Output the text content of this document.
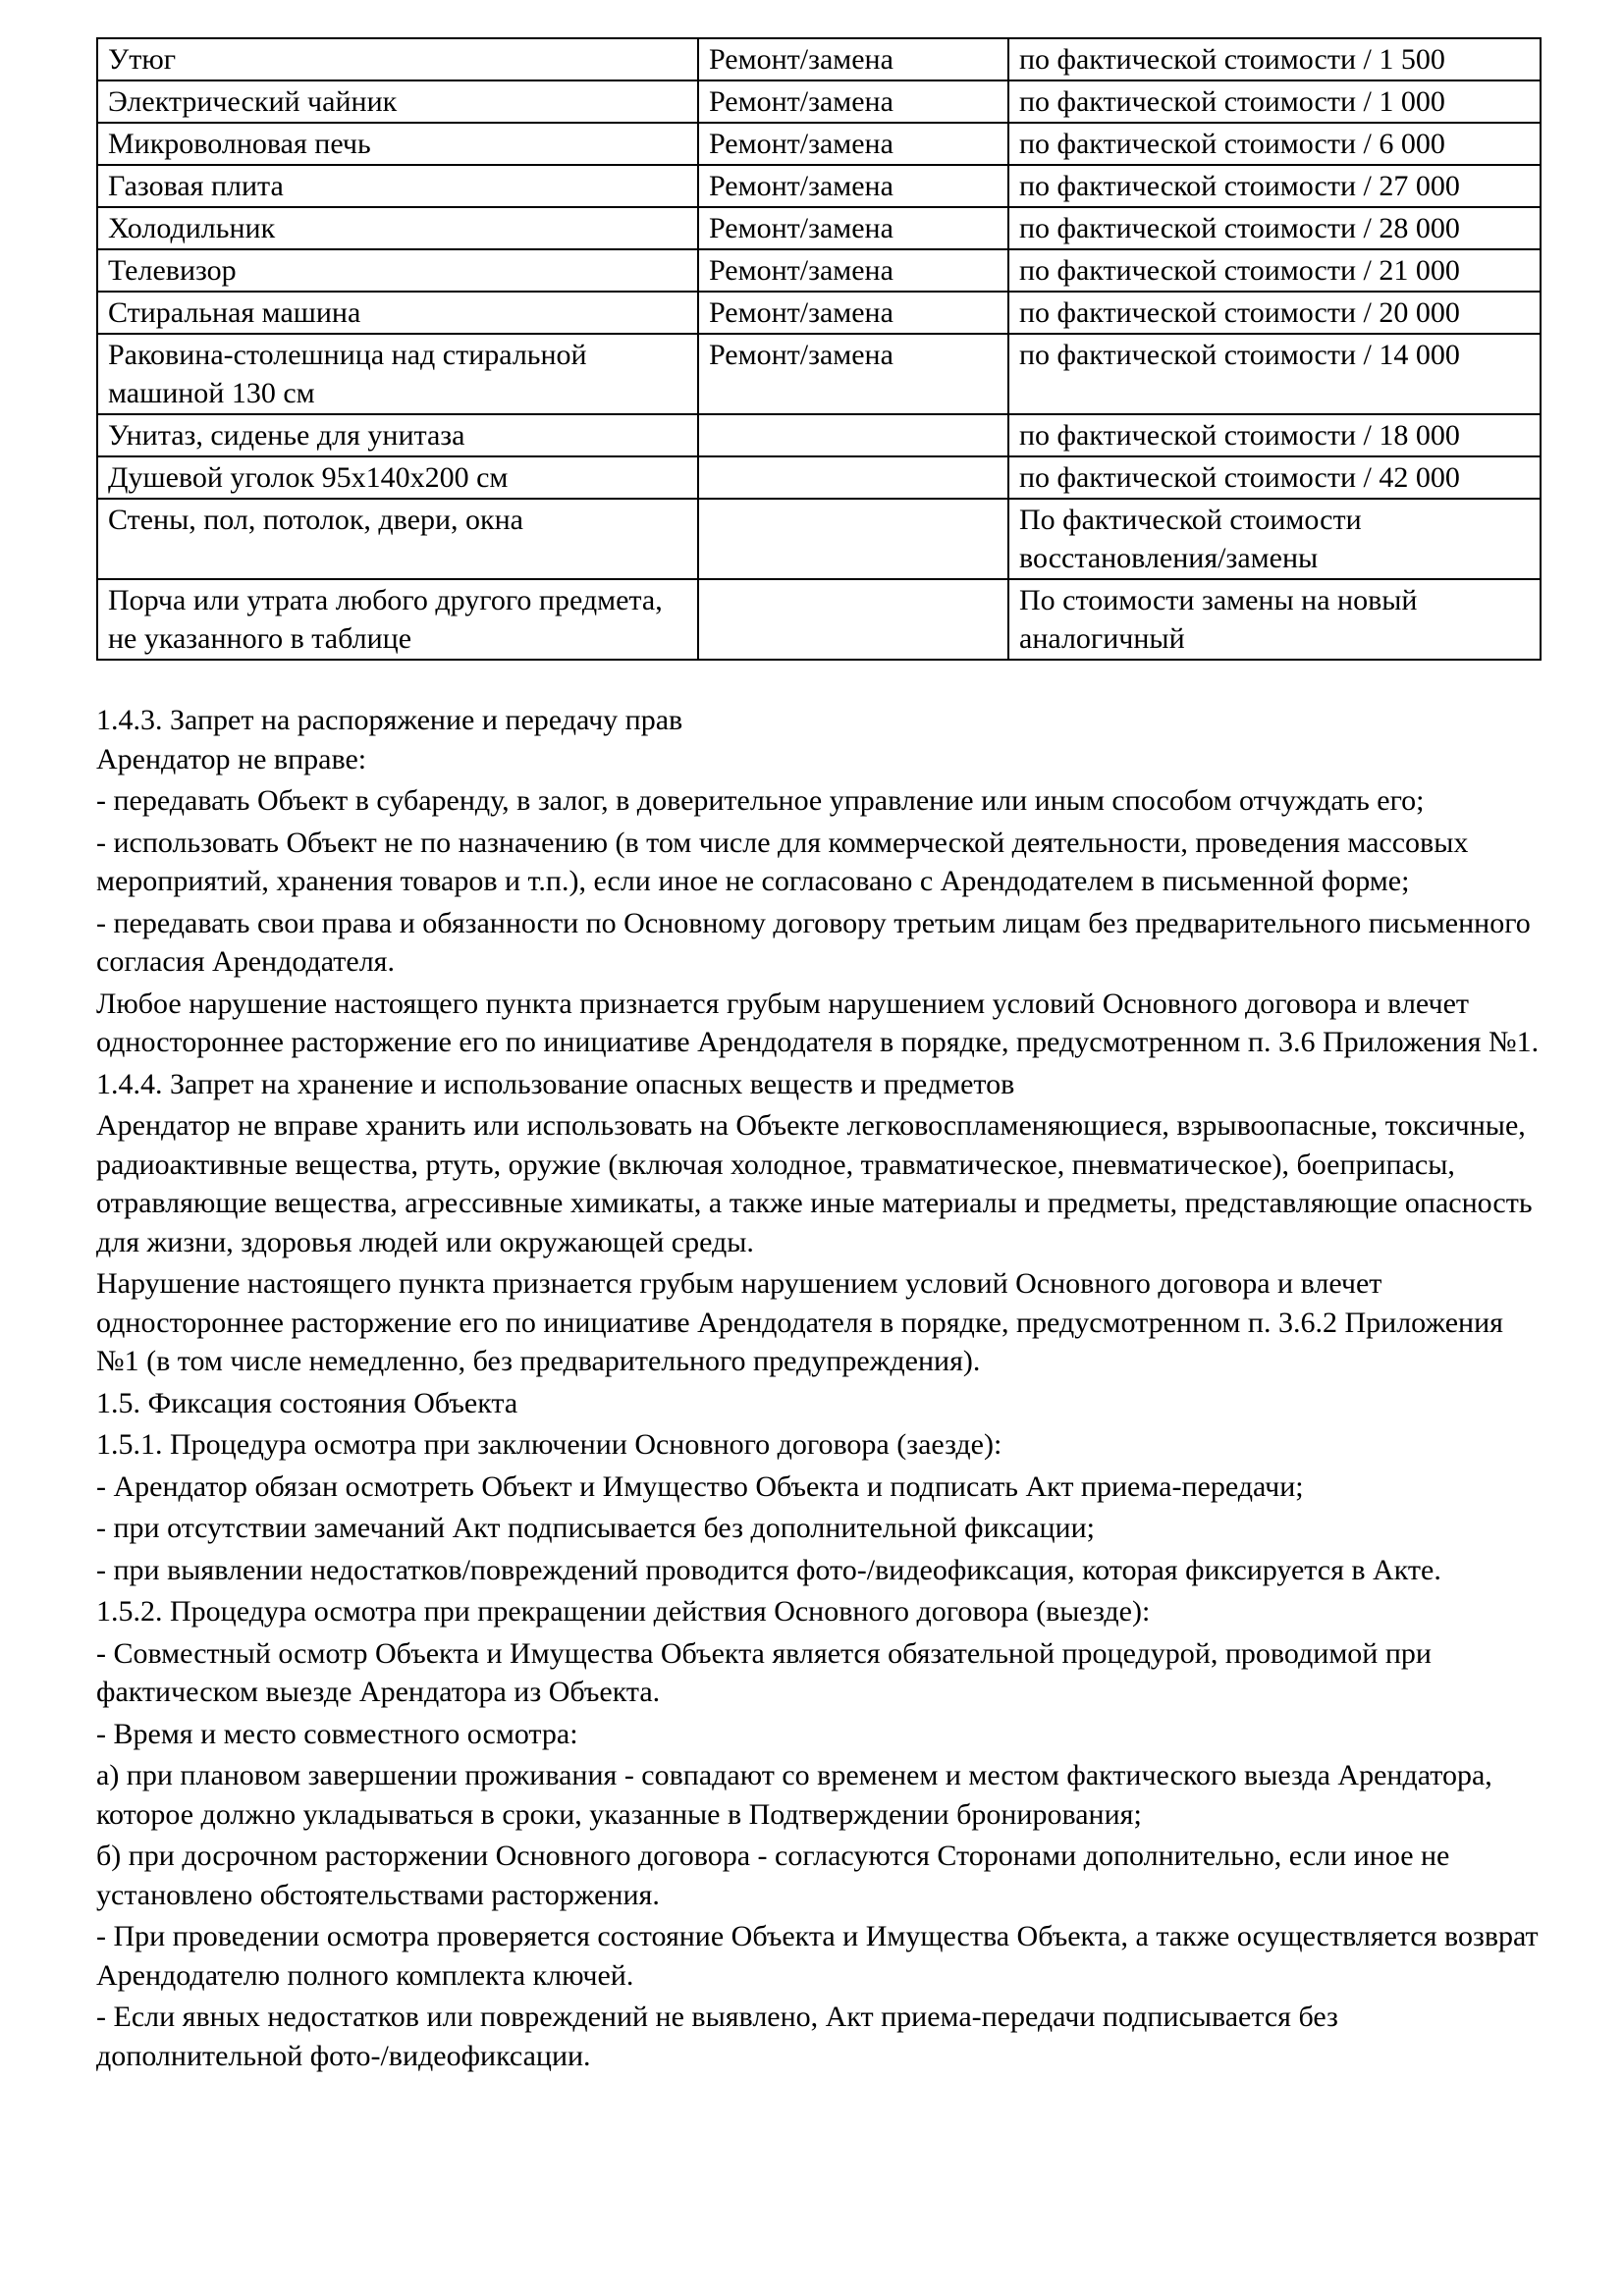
Утюг	Ремонт/замена	по фактической стоимости / 1 500
Электрический чайник	Ремонт/замена	по фактической стоимости / 1 000
Микроволновая печь	Ремонт/замена	по фактической стоимости / 6 000
Газовая плита	Ремонт/замена	по фактической стоимости / 27 000
Холодильник	Ремонт/замена	по фактической стоимости / 28 000
Телевизор	Ремонт/замена	по фактической стоимости / 21 000
Стиральная машина	Ремонт/замена	по фактической стоимости / 20 000
Раковина-столешница над стиральной машиной 130 см	Ремонт/замена	по фактической стоимости / 14 000
Унитаз, сиденье для унитаза		по фактической стоимости / 18 000
Душевой уголок 95х140х200 см		по фактической стоимости / 42 000
Стены, пол, потолок, двери, окна		По фактической стоимости восстановления/замены
Порча или утрата любого другого предмета, не указанного в таблице		По стоимости замены на новый аналогичный

1.4.3. Запрет на распоряжение и передачу прав

Арендатор не вправе:

- передавать Объект в субаренду, в залог, в доверительное управление или иным способом отчуждать его;

- использовать Объект не по назначению (в том числе для коммерческой деятельности, проведения массовых мероприятий, хранения товаров и т.п.), если иное не согласовано с Арендодателем в письменной форме;

- передавать свои права и обязанности по Основному договору третьим лицам без предварительного письменного согласия Арендодателя.

Любое нарушение настоящего пункта признается грубым нарушением условий Основного договора и влечет одностороннее расторжение его по инициативе Арендодателя в порядке, предусмотренном п. 3.6 Приложения №1.

1.4.4. Запрет на хранение и использование опасных веществ и предметов

Арендатор не вправе хранить или использовать на Объекте легковоспламеняющиеся, взрывоопасные, токсичные, радиоактивные вещества, ртуть, оружие (включая холодное, травматическое, пневматическое), боеприпасы, отравляющие вещества, агрессивные химикаты, а также иные материалы и предметы, представляющие опасность для жизни, здоровья людей или окружающей среды.

Нарушение настоящего пункта признается грубым нарушением условий Основного договора и влечет одностороннее расторжение его по инициативе Арендодателя в порядке, предусмотренном п. 3.6.2 Приложения №1 (в том числе немедленно, без предварительного предупреждения).

1.5. Фиксация состояния Объекта

1.5.1. Процедура осмотра при заключении Основного договора (заезде):

- Арендатор обязан осмотреть Объект и Имущество Объекта и подписать Акт приема-передачи;

- при отсутствии замечаний Акт подписывается без дополнительной фиксации;

- при выявлении недостатков/повреждений проводится фото-/видеофиксация, которая фиксируется в Акте.

1.5.2. Процедура осмотра при прекращении действия Основного договора (выезде):

- Совместный осмотр Объекта и Имущества Объекта является обязательной процедурой, проводимой при фактическом выезде Арендатора из Объекта.

- Время и место совместного осмотра:

а) при плановом завершении проживания - совпадают со временем и местом фактического выезда Арендатора, которое должно укладываться в сроки, указанные в Подтверждении бронирования;

б) при досрочном расторжении Основного договора - согласуются Сторонами дополнительно, если иное не установлено обстоятельствами расторжения.

- При проведении осмотра проверяется состояние Объекта и Имущества Объекта, а также осуществляется возврат Арендодателю полного комплекта ключей.

- Если явных недостатков или повреждений не выявлено, Акт приема-передачи подписывается без дополнительной фото-/видеофиксации.
